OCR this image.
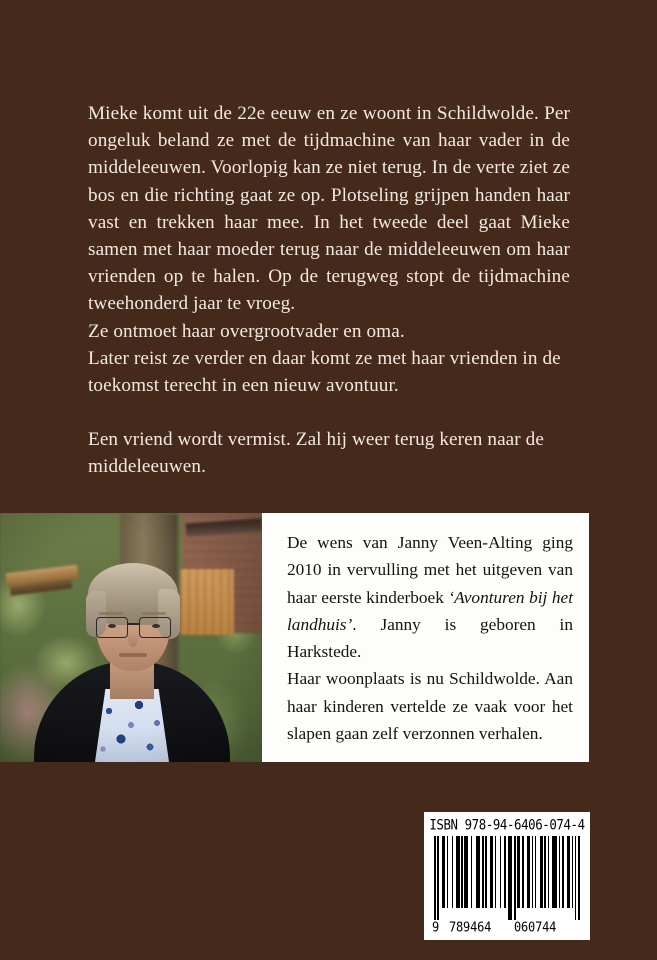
Mieke komt uit de 22e eeuw en ze woont in Schildwolde. Per ongeluk beland ze met de tijdmachine van haar vader in de middeleeuwen. Voorlopig kan ze niet terug. In de verte ziet ze bos en die richting gaat ze op. Plotseling grijpen handen haar vast en trekken haar mee. In het tweede deel gaat Mieke samen met haar moeder terug naar de middeleeuwen om haar vrienden op te halen. Op de terugweg stopt de tijdmachine tweehonderd jaar te vroeg.

Ze ontmoet haar overgrootvader en oma.

Later reist ze verder en daar komt ze met haar vrienden in de toekomst terecht in een nieuw avontuur.

Een vriend wordt vermist. Zal hij weer terug keren naar de middeleeuwen.

De wens van Janny Veen-Alting ging 2010 in vervulling met het uitgeven van haar eerste kinderboek ‘Avonturen bij het landhuis’. Janny is geboren in Harkstede.

Haar woonplaats is nu Schildwolde. Aan haar kinderen vertelde ze vaak voor het slapen gaan zelf verzonnen verhalen.

ISBN 978-94-6406-074-4
9 789464 060744
